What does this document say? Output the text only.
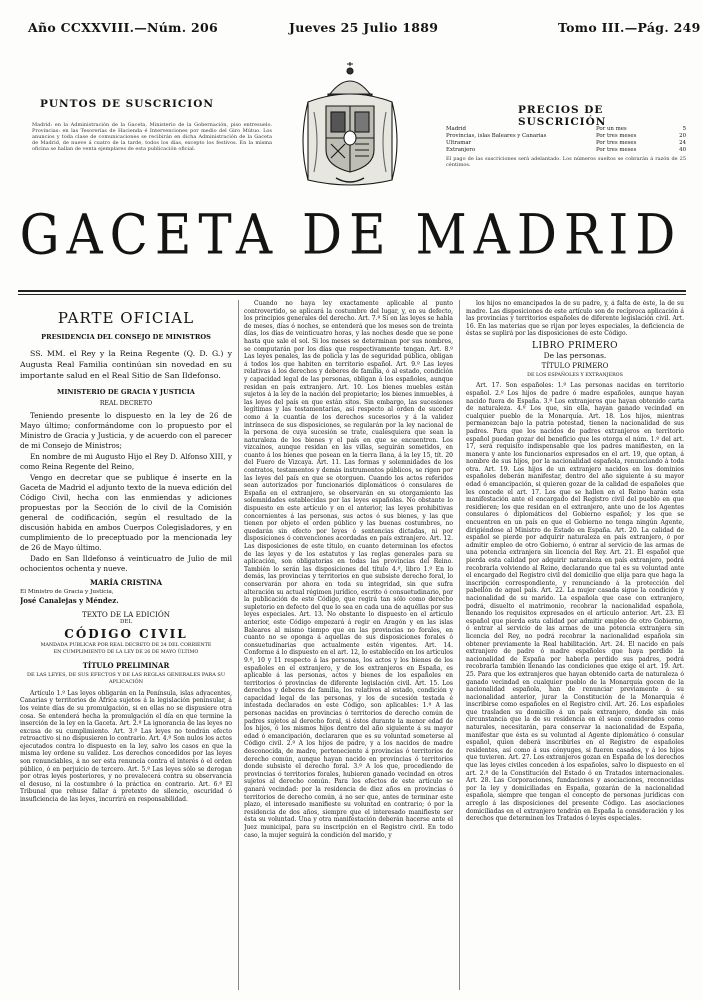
Año CCXXVIII.—Núm. 206	Jueves 25 Julio 1889	Tomo III.—Pág. 249
PUNTOS DE SUSCRICION
Madrid: en la Administración de la Gaceta, Ministerio de la Gobernación, piso entresuelo. Provincias: en las Tesorerías de Hacienda é Intervenciones por medio del Giro Mútuo. Los anuncios y toda clase de comunicaciones se recibirán en dicha Administración de la Gaceta de Madrid, de nueve á cuatro de la tarde, todos los días, excepto los festivos. En la misma oficina se hallan de venta ejemplares de esta publicación oficial.
PRECIOS DE SUSCRICIÓN
Madrid	Por un mes	5
Provincias, islas Baleares y Canarias	Por tres meses	20
Ultramar	Por tres meses	24
Extranjero	Por tres meses	40
El pago de las suscriciones será adelantado. Los números sueltos se cobrarán á razón de 25 céntimos.
GACETA DE MADRID
PARTE OFICIAL
PRESIDENCIA DEL CONSEJO DE MINISTROS

SS. MM. el Rey y la Reina Regente (Q. D. G.) y Augusta Real Familia continúan sin novedad en su importante salud en el Real Sitio de San Ildefonso.

MINISTERIO DE GRACIA Y JUSTICIA
REAL DECRETO

Teniendo presente lo dispuesto en la ley de 26 de Mayo último; conformándome con lo propuesto por el Ministro de Gracia y Justicia, y de acuerdo con el parecer de mi Consejo de Ministros;

En nombre de mi Augusto Hijo el Rey D. Alfonso XIII, y como Reina Regente del Reino,

Vengo en decretar que se publique é inserte en la Gaceta de Madrid el adjunto texto de la nueva edición del Código Civil, hecha con las enmiendas y adiciones propuestas por la Sección de lo civil de la Comisión general de codificación, según el resultado de la discusión habida en ambos Cuerpos Colegisladores, y en cumplimiento de lo preceptuado por la mencionada ley de 26 de Mayo último.

Dado en San Ildefonso á veinticuatro de Julio de mil ochocientos ochenta y nueve.

MARÍA CRISTINA
El Ministro de Gracia y Justicia,
José Canalejas y Méndez.
TEXTO DE LA EDICIÓN
DEL
CÓDIGO CIVIL
MANDADA PUBLICAR POR REAL DECRETO DE 24 DEL CORRIENTE
EN CUMPLIMIENTO DE LA LEY DE 26 DE MAYO ÚLTIMO
TÍTULO PRELIMINAR
DE LAS LEYES, DE SUS EFECTOS Y DE LAS REGLAS GENERALES PARA SU APLICACIÓN

Artículo 1.º Las leyes obligarán en la Península, islas adyacentes, Canarias y territorios de África sujetos á la legislación peninsular, á los veinte días de su promulgación, si en ellas no se dispusiere otra cosa. Se entenderá hecha la promulgación el día en que termine la inserción de la ley en la Gaceta. Art. 2.º La ignorancia de las leyes no excusa de su cumplimiento. Art. 3.º Las leyes no tendrán efecto retroactivo si no dispusieren lo contrario. Art. 4.º Son nulos los actos ejecutados contra lo dispuesto en la ley, salvo los casos en que la misma ley ordene su validez. Los derechos concedidos por las leyes son renunciables, á no ser esta renuncia contra el interés ó el orden público, ó en perjuicio de tercero. Art. 5.º Las leyes sólo se derogan por otras leyes posteriores, y no prevalecerá contra su observancia el desuso, ni la costumbre ó la práctica en contrario. Art. 6.º El Tribunal que rehuse fallar á pretexto de silencio, oscuridad ó insuficiencia de las leyes, incurrirá en responsabilidad.

Cuando no haya ley exactamente aplicable al punto controvertido, se aplicará la costumbre del lugar, y, en su defecto, los principios generales del derecho. Art. 7.º Si en las leyes se habla de meses, días ó noches, se entenderá que los meses son de treinta días, los días de veinticuatro horas, y las noches desde que se pone hasta que sale el sol. Si los meses se determinan por sus nombres, se computarán por los días que respectivamente tengan. Art. 8.º Las leyes penales, las de policía y las de seguridad pública, obligan á todos los que habiten en territorio español. Art. 9.º Las leyes relativas á los derechos y deberes de familia, ó al estado, condición y capacidad legal de las personas, obligan á los españoles, aunque residan en país extranjero. Art. 10. Los bienes muebles están sujetos á la ley de la nación del propietario; los bienes inmuebles, á las leyes del país en que están sitos. Sin embargo, las sucesiones legítimas y las testamentarias, así respecto al orden de suceder como á la cuantía de los derechos sucesorios y á la validez intrínseca de sus disposiciones, se regularán por la ley nacional de la persona de cuya sucesión se trate, cualesquiera que sean la naturaleza de los bienes y el país en que se encuentren. Los vizcaínos, aunque residan en las villas, seguirán sometidos, en cuanto á los bienes que posean en la tierra llana, á la ley 15, tít. 20 del Fuero de Vizcaya. Art. 11. Las formas y solemnidades de los contratos, testamentos y demás instrumentos públicos, se rigen por las leyes del país en que se otorguen. Cuando los actos referidos sean autorizados por funcionarios diplomáticos ó consulares de España en el extranjero, se observarán en su otorgamiento las solemnidades establecidas por las leyes españolas. No obstante lo dispuesto en este artículo y en el anterior, las leyes prohibitivas concernientes á las personas, sus actos ó sus bienes, y las que tienen por objeto el orden público y las buenas costumbres, no quedarán sin efecto por leyes ó sentencias dictadas, ni por disposiciones ó convenciones acordadas en país extranjero. Art. 12. Las disposiciones de este título, en cuanto determinan los efectos de las leyes y de los estatutos y las reglas generales para su aplicación, son obligatorias en todas las provincias del Reino. También lo serán las disposiciones del título 4.º, libro 1.º En lo demás, las provincias y territorios en que subsiste derecho foral, lo conservarán por ahora en toda su integridad, sin que sufra alteración su actual régimen jurídico, escrito ó consuetudinario, por la publicación de este Código, que regirá tan sólo como derecho supletorio en defecto del que lo sea en cada una de aquéllas por sus leyes especiales. Art. 13. No obstante lo dispuesto en el artículo anterior, este Código empezará á regir en Aragón y en las islas Baleares al mismo tiempo que en las provincias no forales, en cuanto no se oponga á aquellas de sus disposiciones forales ó consuetudinarias que actualmente estén vigentes. Art. 14. Conforme á lo dispuesto en el art. 12, lo establecido en los artículos 9.º, 10 y 11 respecto á las personas, los actos y los bienes de los españoles en el extranjero, y de los extranjeros en España, es aplicable á las personas, actos y bienes de los españoles en territorios ó provincias de diferente legislación civil. Art. 15. Los derechos y deberes de familia, los relativos al estado, condición y capacidad legal de las personas, y los de sucesión testada é intestada declarados en este Código, son aplicables: 1.º A las personas nacidas en provincias ó territorios de derecho común de padres sujetos al derecho foral, si éstos durante la menor edad de los hijos, ó los mismos hijos dentro del año siguiente á su mayor edad ó emancipación, declararen que es su voluntad someterse al Código civil. 2.º A los hijos de padre, y a los nacidos de madre desconocida, de madre, perteneciente á provincias ó territorios de derecho común, aunque hayan nacido en provincias ó territorios donde subsiste el derecho foral. 3.º A los que, procediendo de provincias ó territorios forales, hubieren ganado vecindad en otros sujetos al derecho común. Para los efectos de este artículo se ganará vecindad: por la residencia de diez años en provincias ó territorios de derecho común, á no ser que, antes de terminar este plazo, el interesado manifieste su voluntad en contrario; ó por la residencia de dos años, siempre que el interesado manifieste ser ésta su voluntad. Una y otra manifestación deberán hacerse ante el Juez municipal, para su inscripción en el Registro civil. En todo caso, la mujer seguirá la condición del marido, y

los hijos no emancipados la de su padre, y, á falta de éste, la de su madre. Las disposiciones de este artículo son de recíproca aplicación á las provincias y territorios españoles de diferente legislación civil. Art. 16. En las materias que se rijan por leyes especiales, la deficiencia de éstas se suplirá por las disposiciones de este Código.

LIBRO PRIMERO
De las personas.
TÍTULO PRIMERO
DE LOS ESPAÑOLES Y EXTRANJEROS

Art. 17. Son españoles: 1.º Las personas nacidas en territorio español. 2.º Los hijos de padre ó madre españoles, aunque hayan nacido fuera de España. 3.º Los extranjeros que hayan obtenido carta de naturaleza. 4.º Los que, sin ella, hayan ganado vecindad en cualquier pueblo de la Monarquía. Art. 18. Los hijos, mientras permanezcan bajo la patria potestad, tienen la nacionalidad de sus padres. Para que los nacidos de padres extranjeros en territorio español puedan gozar del beneficio que les otorga el núm. 1.º del art. 17, será requisito indispensable que los padres manifiesten, en la manera y ante los funcionarios expresados en el art. 19, que optan, á nombre de sus hijos, por la nacionalidad española, renunciando á toda otra. Art. 19. Los hijos de un extranjero nacidos en los dominios españoles deberán manifestar, dentro del año siguiente á su mayor edad ó emancipación, si quieren gozar de la calidad de españoles que les concede el art. 17. Los que se hallen en el Reino harán esta manifestación ante el encargado del Registro civil del pueblo en que residieren; los que residan en el extranjero, ante uno de los Agentes consulares ó diplomáticos del Gobierno español; y los que se encuentren en un país en que el Gobierno no tenga ningún Agente, dirigiéndose al Ministro de Estado en España. Art. 20. La calidad de español se pierde por adquirir naturaleza en país extranjero, ó por admitir empleo de otro Gobierno, ó entrar al servicio de las armas de una potencia extranjera sin licencia del Rey. Art. 21. El español que pierda esta calidad por adquirir naturaleza en país extranjero, podrá recobrarla volviendo al Reino, declarando que tal es su voluntad ante el encargado del Registro civil del domicilio que elija para que haga la inscripción correspondiente, y renunciando á la protección del pabellón de aquel país. Art. 22. La mujer casada sigue la condición y nacionalidad de su marido. La española que case con extranjero, podrá, disuelto el matrimonio, recobrar la nacionalidad española, llenando los requisitos expresados en el artículo anterior. Art. 23. El español que pierda esta calidad por admitir empleo de otro Gobierno, ó entrar al servicio de las armas de una potencia extranjera sin licencia del Rey, no podrá recobrar la nacionalidad española sin obtener previamente la Real habilitación. Art. 24. El nacido en país extranjero de padre ó madre españoles que haya perdido la nacionalidad de España por haberla perdido sus padres, podrá recobrarla también llenando las condiciones que exige el art. 19. Art. 25. Para que los extranjeros que hayan obtenido carta de naturaleza ó ganado vecindad en cualquier pueblo de la Monarquía gocen de la nacionalidad española, han de renunciar previamente á su nacionalidad anterior, jurar la Constitución de la Monarquía é inscribirse como españoles en el Registro civil. Art. 26. Los españoles que trasladen su domicilio á un país extranjero, donde sin más circunstancia que la de su residencia en él sean considerados como naturales, necesitarán, para conservar la nacionalidad de España, manifestar que ésta es su voluntad al Agente diplomático ó consular español, quien deberá inscribirles en el Registro de españoles residentes, así como á sus cónyuges, si fueren casados, y á los hijos que tuvieren. Art. 27. Los extranjeros gozan en España de los derechos que las leyes civiles conceden á los españoles, salvo lo dispuesto en el art. 2.º de la Constitución del Estado ó en Tratados internacionales. Art. 28. Las Corporaciones, fundaciones y asociaciones, reconocidas por la ley y domiciliadas en España, gozarán de la nacionalidad española, siempre que tengan el concepto de personas jurídicas con arreglo á las disposiciones del presente Código. Las asociaciones domiciliadas en el extranjero tendrán en España la consideración y los derechos que determinen los Tratados ó leyes especiales.
